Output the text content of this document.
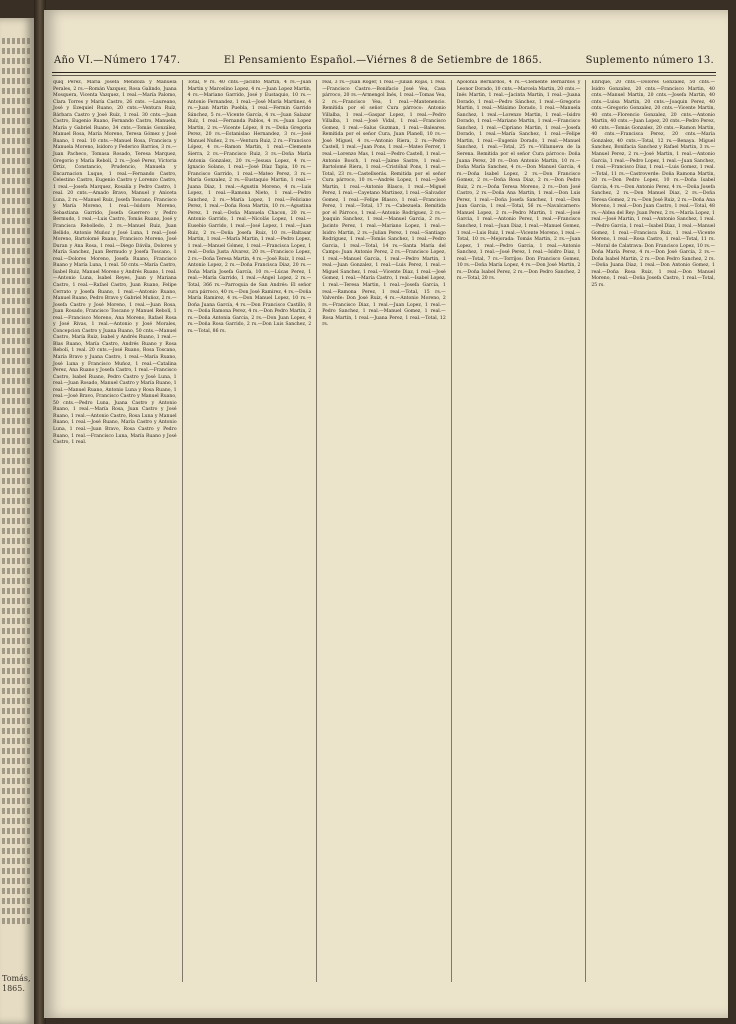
Tomás,
1865.
Año VI.—Número 1747.	El Pensamiento Español.—Viérnes 8 de Setiembre de 1865.	Suplemento número 13.

quiq Perez, María Josefa Mendoza y Manuela Perales, 2 rs.—Román Vazquez, Rosa Galindo, Juana Mosquera, Vicenta Vazquez, 1 real.—María Palomo, Clara Torres y María Castro, 26 cnts. —Laureano, José y Ezequiel Ruano, 20 cnts.—Ventura Ruíz, Bárbara Castro y José Ruíz, 1 real. 30 cnts.—Juan Castro, Eugenio Ruano, Fernando Castro, Manuela, María y Gabriel Ruano, 34 cnts.—Tomás González, Manuel Rosa, María Moreno, Teresa Gómez y José Ruano, 1 real. 10 cnts.—Manuel Rosa, Francisca y Manuela Moreno, Isidoro y Federico Barrios, 3 rs.—Juan Pacheco, Tomasa Rosado, Teresa Marquez, Gregorio y María Rebolí, 2 rs.—José Perez, Victoria Ortiz, Constancio, Prudencio, Manuela y Encarnacion Luque, 1 real.—Fernando Castro, Celestino Castro, Eugenio Castro y Lorenzo Castro, 1 real.—Josefa Marquez, Rosalía y Pedro Castro, 1 real. 20 cnts.—Amado Bravo, Manuel y Aniceta Luna, 2 rs.—Manuel Ruiz, Josefa Toscano, Francisco y María Moreno, 1 real.—Isidoro Moreno, Sebastiana Garrido, Josefa Guerrero y Pedro Bermudo, 1 real.—Luis Castro, Tomás Ruano, José y Francisca Rebolledo, 2 rs.—Manuel Ruiz, Juan Bellido, Antonio Muñoz y José Luna, 1 real.—José Moreno, Bartolomé Ruano, Francisco Moreno, José Duran y Ana Rosa, 1 real.—Diego Dávila, Dolores y María Sanchez, Juan Bermudo y Josefa Toscano, 1 real.—Dolores Moreno, Josefa Ruano, Francisco Ruano y María Luna, 1 real. 50 cnts.—María Castro, Isabel Ruiz, Manuel Moreno y Andrés Ruano, 1 real.—Antonio Luna, Isabel Reyes, Juan y Mariana Castro, 1 real.—Rafael Castro, Juan Ruano, Felipe Cerrato y Josefa Ruano, 1 real.—Antonio Ruano, Manuel Ruano, Pedro Bravo y Gabriel Muñoz, 2 rs.—Josefa Castro y José Moreno, 1 real.—Juan Rosa, Juan Rosado, Francisco Toscano y Manuel Rebolí, 1 real.—Francisco Moreno, Ana Moreno, Rafael Rosa y José Rivas, 1 real.—Antonio y José Morales, Concepcion Castro y Juana Ruano, 50 cnts.—Manuel Castro, María Ruiz, Isabel y Andrés Ruano, 1 real.—Blas Ruano, María Castro, Andrés Ruano y Rosa Rebolí, 1 real. 20 cnts.—José Ruano, Rosa Toscano, María Bravo y Juana Castro, 1 real.—María Ruano, José Luna y Francisco Muñoz, 1 real.—Catalina Perez, Ana Ruano y Josefa Castro, 1 real.—Francisco Castro, Isabel Ruano, Pedro Castro y José Luna, 1 real.—Juan Rosado, Manuel Castro y María Ruano, 1 real.—Manuel Ruano, Antonio Luna y Rosa Ruano, 1 real.—José Bravo, Francisco Castro y Manuel Ruano, 50 cnts.—Pedro Luna, Juana Castro y Antonio Ruano, 1 real.—María Rosa, Juan Castro y José Ruano, 1 real.—Antonio Castro, Rosa Luna y Manuel Ruano, 1 real.—José Ruano, María Castro y Antonio Luna, 1 real.—Juan Bravo, Rosa Castro y Pedro Ruano, 1 real.—Francisco Luna, María Ruano y José Castro, 1 real.

Total, 9 rs. 40 cnts.—Jacinto Martin, 4 rs.—Juan Martin y Marcelino Lopez, 4 rs.—Juan Lopez Martin, 4 rs.—Mariano Garrido, José y Eustaquio, 10 rs.—Antonio Fernandez, 1 real.—José María Martinez, 4 rs.—Juan Martin Puebla, 1 real.—Fermin Garrido Sánchez, 5 rs.—Vicente García, 4 rs.—Juan Salazar Ruíz, 1 real.—Fernanda Pablos, 4 rs.—Juan Lopez Martin, 2 rs.—Vicente López, 8 rs.—Doña Gregoria Perez, 20 rs.—Estanislao Hernandez, 3 rs.—José Manuel Nuñez, 2 rs.—Ventura Ruiz, 2 rs.—Francisco López, 4 rs.—Ramon Martin, 1 real.—Clemente Sierra, 2 rs.—Francisco Ruiz, 3 rs.—Doña María Antonia Gonzalez, 20 rs.—Jesusa Lopez, 4 rs.—Ignacio Solano, 1 real.—José Díaz Tapia, 10 rs.—Francisco Garrido, 1 real.—Mateo Perez, 3 rs.—María Gonzalez, 2 rs.—Eustaquio Martin, 1 real.—Juana Díaz, 1 real.—Agustin Moreno, 4 rs.—Luis Lopez, 1 real.—Ramona Nieto, 1 real.—Pedro Sanchez, 2 rs.—María Lopez, 1 real.—Feliciano Perez, 1 real.—Doña Rosa Martin, 10 rs.—Agustina Perez, 1 real.—Doña Manuela Chacon, 20 rs.—Antonio Garrido, 1 real.—Nicolás Lopez, 1 real.—Eusebio Garrido, 1 real.—José Lopez, 1 real.—Juan Ruiz, 2 rs.—Doña Josefa Ruiz, 10 rs.—Baltasar Martin, 1 real.—María Martin, 1 real.—Pedro Lopez, 1 real.—Manuel Gómez, 1 real.—Francisca Lopez, 1 real.—Doña Justa Alvarez, 20 rs.—Francisco Lopez, 2 rs.—Doña Teresa Martin, 4 rs.—José Ruiz, 1 real.—Antonio Lopez, 2 rs.—Doña Francisca Díaz, 20 rs.—Doña María Josefa García, 10 rs.—Lúcas Perez, 1 real.—María Garrido, 1 real.—Ángel Lopez, 2 rs.—Total, 366 rs.—Parroquia de San Andrés: El señor cura párroco, 40 rs.—Don José Ramirez, 4 rs.—Doña María Ramirez, 4 rs.—Don Manuel Lopez, 10 rs.—Doña Juana García, 4 rs.—Don Francisco Castillo, 8 rs.—Doña Ramona Perez, 4 rs.—Don Pedro Martin, 2 rs.—Doña Antonia Garcia, 2 rs.—Don Juan Lopez, 4 rs.—Doña Rosa Garrido, 2 rs.—Don Luis Sanchez, 2 rs.—Total, 86 rs.

real, 3 rs.—Juan Roger, 1 real.—Julian Rojas, 1 real.—Francisco Castro.—Bonifacio José Vea, Casa párroco, 20 rs.—Armengol Inés, 1 real.—Tomas Vea, 2 rs.—Francisco Vea, 1 real.—Mantenencio. Remitida por el señor Cura párroco: Antonio Villalba, 1 real.—Gaspar Lopez, 1 real.—Pedro Villalba, 1 real.—José Vidal, 1 real.—Francisco Gomez, 1 real.—Salus Guzman, 1 real.—Baleares. Remitida por el señor Cura, Juan Planell, 10 rs.—José Miguel, 4 rs.—Antonio Riera, 2 rs.—Pedro Castell, 1 real.—Juan Pons, 1 real.—Mateo Ferrer, 1 real.—Lorenzo Mas, 1 real.—Pedro Castell, 1 real.—Antonio Bosch, 1 real.—Jaime Sastre, 1 real.—Bartolomé Riera, 1 real.—Cristóbal Pons, 1 real.—Total, 23 rs.—Castellserás. Remitida por el señor Cura párroco, 10 rs.—Andrés Lopez, 1 real.—José Martin, 1 real.—Antonio Blasco, 1 real.—Miguel Perez, 1 real.—Cayetano Martinez, 1 real.—Salvador Gomez, 1 real.—Felipe Blasco, 1 real.—Francisco Perez, 1 real.—Total, 17 rs.—Cabezuela. Remitida por el Párroco, 1 real.—Antonio Rodriguez, 2 rs.—Joaquin Sanchez, 1 real.—Manuel Garcia, 2 rs.—Jacinto Perez, 1 real.—Mariano Lopez, 1 real.—Isidro Martin, 2 rs.—Julian Perez, 1 real.—Santiago Rodriguez, 1 real.—Tomás Sanchez, 1 real.—Pedro Garcia, 1 real.—Total, 14 rs.—Santa María del Campo: Juan Antonio Perez, 2 rs.—Francisco Lopez, 1 real.—Manuel Garcia, 1 real.—Pedro Martin, 1 real.—Juan Gonzalez, 1 real.—Luis Perez, 1 real.—Miguel Sanchez, 1 real.—Vicente Diaz, 1 real.—José Gomez, 1 real.—María Castro, 1 real.—Isabel Lopez, 1 real.—Teresa Martin, 1 real.—Josefa Garcia, 1 real.—Ramona Perez, 1 real.—Total, 15 rs.—Valverde: Don José Ruiz, 4 rs.—Antonio Moreno, 2 rs.—Francisco Diaz, 1 real.—Juan Lopez, 1 real.—Pedro Sanchez, 1 real.—Manuel Gomez, 1 real.—Rosa Martin, 1 real.—Juana Perez, 1 real.—Total, 12 rs.

Apolonia Bernardos, 4 rs.—Clemente Bernardos y Leonor Dorado, 10 cnts.—Marcela Martin, 20 cnts.—Inés Martin, 1 real.—Jacinta Martin, 1 real.—Juana Dorado, 1 real.—Pedro Sánchez, 1 real.—Gregorio Martin, 1 real.—Máximo Dorado, 1 real.—Manuela Sanchez, 1 real.—Lorenzo Martin, 1 real.—Isidro Dorado, 1 real.—Mariano Martin, 1 real.—Francisco Sanchez, 1 real.—Cipriano Martin, 1 real.—Josefa Dorado, 1 real.—María Sanchez, 1 real.—Felipe Martin, 1 real.—Eugenio Dorado, 1 real.—Manuel Sanchez, 1 real.—Total, 25 rs.—Villanueva de la Serena. Remitida por el señor Cura párroco: Doña Juana Perez, 20 rs.—Don Antonio Martin, 10 rs.—Doña María Sanchez, 4 rs.—Don Manuel Garcia, 4 rs.—Doña Isabel Lopez, 2 rs.—Don Francisco Gomez, 2 rs.—Doña Rosa Diaz, 2 rs.—Don Pedro Ruiz, 2 rs.—Doña Teresa Moreno, 2 rs.—Don José Castro, 2 rs.—Doña Ana Martin, 1 real.—Don Luis Perez, 1 real.—Doña Josefa Sanchez, 1 real.—Don Juan Garcia, 1 real.—Total, 56 rs.—Navalcarnero: Manuel Lopez, 2 rs.—Pedro Martin, 1 real.—José Garcia, 1 real.—Antonio Perez, 1 real.—Francisco Sanchez, 1 real.—Juan Diaz, 1 real.—Manuel Gomez, 1 real.—Luis Ruiz, 1 real.—Vicente Moreno, 1 real.—Total, 10 rs.—Mejorada: Tomás Martin, 2 rs.—Juan Lopez, 1 real.—Pedro Garcia, 1 real.—Antonio Sanchez, 1 real.—José Perez, 1 real.—Isidro Diaz, 1 real.—Total, 7 rs.—Torrijos: Don Francisco Gomez, 10 rs.—Doña María Lopez, 4 rs.—Don José Martin, 2 rs.—Doña Isabel Perez, 2 rs.—Don Pedro Sanchez, 2 rs.—Total, 20 rs.

Enrique, 20 cnts.—Dolores Gonzalez, 50 cnts.—Isidro Gonzalez, 20 cnts.—Francisco Martin, 40 cnts.—Manuel Martin, 20 cnts.—Josefa Martin, 40 cnts.—Luisa Martin, 20 cnts.—Joaquin Perez, 40 cnts.—Gregorio Gonzalez, 20 cnts.—Vicente Martin, 40 cnts.—Florencio Gonzalez, 20 cnts.—Antonio Martin, 40 cnts.—Juan Lopez, 20 cnts.—Pedro Perez, 40 cnts.—Tomás Gonzalez, 20 cnts.—Ramon Martin, 40 cnts.—Francisca Perez, 20 cnts.—María Gonzalez, 40 cnts.—Total, 12 rs.—Benaya. Miguel Sanchez, Bonifacia Sanchez y Rafael Martin, 3 rs.—Manuel Perez, 2 rs.—José Martin, 1 real.—Antonio Garcia, 1 real.—Pedro Lopez, 1 real.—Juan Sanchez, 1 real.—Francisco Diaz, 1 real.—Luis Gomez, 1 real.—Total, 11 rs.—Castroverde: Doña Ramona Martin, 20 rs.—Don Pedro Lopez, 10 rs.—Doña Isabel Garcia, 4 rs.—Don Antonio Perez, 4 rs.—Doña Josefa Sanchez, 2 rs.—Don Manuel Diaz, 2 rs.—Doña Teresa Gomez, 2 rs.—Don José Ruiz, 2 rs.—Doña Ana Moreno, 1 real.—Don Juan Castro, 1 real.—Total, 48 rs.—Aldea del Rey: Juan Perez, 2 rs.—María Lopez, 1 real.—José Martin, 1 real.—Antonio Sanchez, 1 real.—Pedro Garcia, 1 real.—Isabel Diaz, 1 real.—Manuel Gomez, 1 real.—Francisca Ruiz, 1 real.—Vicente Moreno, 1 real.—Rosa Castro, 1 real.—Total, 11 rs.—Moral de Calatrava: Don Francisco Lopez, 10 rs.—Doña María Perez, 4 rs.—Don José Garcia, 2 rs.—Doña Isabel Martin, 2 rs.—Don Pedro Sanchez, 2 rs.—Doña Juana Diaz, 1 real.—Don Antonio Gomez, 1 real.—Doña Rosa Ruiz, 1 real.—Don Manuel Moreno, 1 real.—Doña Josefa Castro, 1 real.—Total, 25 rs.
